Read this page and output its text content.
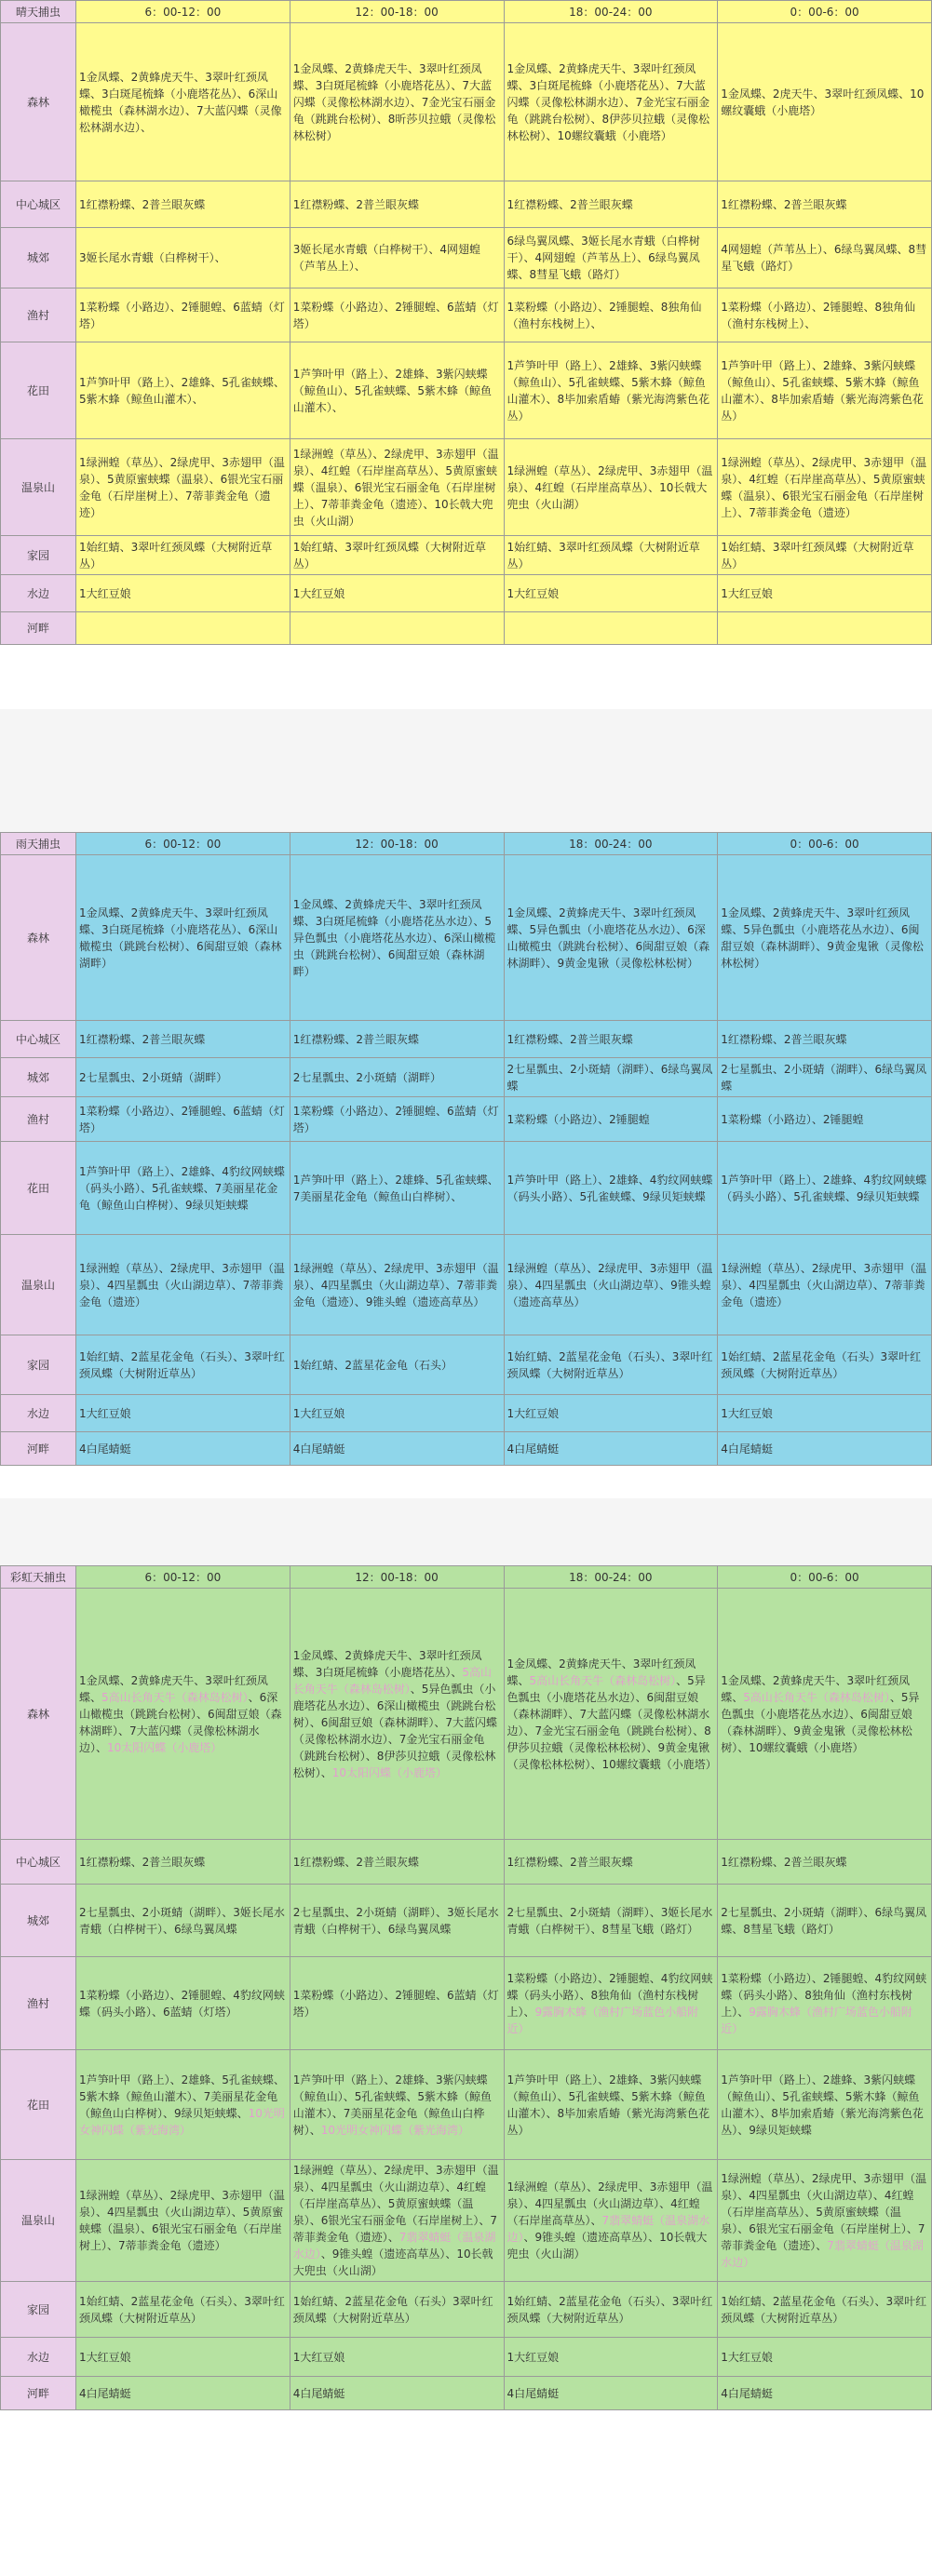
晴天捕虫	6：00-12：00	12：00-18：00	18：00-24：00	0：00-6：00
森林	1金凤蝶、2黄蜂虎天牛、3翠叶红颈凤蝶、3白斑尾梳蜂（小鹿塔花丛）、6深山橄榄虫（森林湖水边）、7大蓝闪蝶（灵像松林湖水边）、	1金凤蝶、2黄蜂虎天牛、3翠叶红颈凤蝶、3白斑尾梳蜂（小鹿塔花丛）、7大蓝闪蝶（灵像松林湖水边）、7金光宝石丽金龟（跳跳台松树）、8昕莎贝拉蛾（灵像松林松树）	1金凤蝶、2黄蜂虎天牛、3翠叶红颈凤蝶、3白斑尾梳蜂（小鹿塔花丛）、7大蓝闪蝶（灵像松林湖水边）、7金光宝石丽金龟（跳跳台松树）、8伊莎贝拉蛾（灵像松林松树）、10螺纹囊蛾（小鹿塔）	1金凤蝶、2虎天牛、3翠叶红颈凤蝶、10螺纹囊蛾（小鹿塔）
中心城区	1红襟粉蝶、2普兰眼灰蝶	1红襟粉蝶、2普兰眼灰蝶	1红襟粉蝶、2普兰眼灰蝶	1红襟粉蝶、2普兰眼灰蝶
城郊	3姬长尾水青蛾（白桦树干）、	3姬长尾水青蛾（白桦树干）、4网翅蝗（芦苇丛上）、	6绿鸟翼凤蝶、3姬长尾水青蛾（白桦树干）、4网翅蝗（芦苇丛上）、6绿鸟翼凤蝶、8彗星飞蛾（路灯）	4网翅蝗（芦苇丛上）、6绿鸟翼凤蝶、8彗星飞蛾（路灯）
渔村	1菜粉蝶（小路边）、2锤腿蝗、6蓝蜻（灯塔）	1菜粉蝶（小路边）、2锤腿蝗、6蓝蜻（灯塔）	1菜粉蝶（小路边）、2锤腿蝗、8独角仙（渔村东栈树上）、	1菜粉蝶（小路边）、2锤腿蝗、8独角仙（渔村东栈树上）、
花田	1芦笋叶甲（路上）、2雄蜂、5孔雀蛱蝶、5紫木蜂（鲸鱼山灌木）、	1芦笋叶甲（路上）、2雄蜂、3紫闪蛱蝶（鲸鱼山）、5孔雀蛱蝶、5紫木蜂（鲸鱼山灌木）、	1芦笋叶甲（路上）、2雄蜂、3紫闪蛱蝶（鲸鱼山）、5孔雀蛱蝶、5紫木蜂（鲸鱼山灌木）、8毕加索盾蝽（紫光海湾紫色花丛）	1芦笋叶甲（路上）、2雄蜂、3紫闪蛱蝶（鲸鱼山）、5孔雀蛱蝶、5紫木蜂（鲸鱼山灌木）、8毕加索盾蝽（紫光海湾紫色花丛）
温泉山	1绿洲蝗（草丛）、2绿虎甲、3赤翅甲（温泉）、5黄原蜜蛱蝶（温泉）、6银光宝石丽金龟（石岸崖树上）、7蒂菲粪金龟（遗迹）	1绿洲蝗（草丛）、2绿虎甲、3赤翅甲（温泉）、4红蝗（石岸崖高草丛）、5黄原蜜蛱蝶（温泉）、6银光宝石丽金龟（石岸崖树上）、7蒂菲粪金龟（遗迹）、10长戟大兜虫（火山湖）	1绿洲蝗（草丛）、2绿虎甲、3赤翅甲（温泉）、4红蝗（石岸崖高草丛）、10长戟大兜虫（火山湖）	1绿洲蝗（草丛）、2绿虎甲、3赤翅甲（温泉）、4红蝗（石岸崖高草丛）、5黄原蜜蛱蝶（温泉）、6银光宝石丽金龟（石岸崖树上）、7蒂菲粪金龟（遗迹）
家园	1始红蜻、3翠叶红颈凤蝶（大树附近草丛）	1始红蜻、3翠叶红颈凤蝶（大树附近草丛）	1始红蜻、3翠叶红颈凤蝶（大树附近草丛）	1始红蜻、3翠叶红颈凤蝶（大树附近草丛）
水边	1大红豆娘	1大红豆娘	1大红豆娘	1大红豆娘
河畔				
雨天捕虫	6：00-12：00	12：00-18：00	18：00-24：00	0：00-6：00
森林	1金凤蝶、2黄蜂虎天牛、3翠叶红颈凤蝶、3白斑尾梳蜂（小鹿塔花丛）、6深山橄榄虫（跳跳台松树）、6闽甜豆娘（森林湖畔）	1金凤蝶、2黄蜂虎天牛、3翠叶红颈凤蝶、3白斑尾梳蜂（小鹿塔花丛水边）、5异色瓢虫（小鹿塔花丛水边）、6深山橄榄虫（跳跳台松树）、6闽甜豆娘（森林湖畔）	1金凤蝶、2黄蜂虎天牛、3翠叶红颈凤蝶、5异色瓢虫（小鹿塔花丛水边）、6深山橄榄虫（跳跳台松树）、6闽甜豆娘（森林湖畔）、9黄金鬼锹（灵像松林松树）	1金凤蝶、2黄蜂虎天牛、3翠叶红颈凤蝶、5异色瓢虫（小鹿塔花丛水边）、6闽甜豆娘（森林湖畔）、9黄金鬼锹（灵像松林松树）
中心城区	1红襟粉蝶、2普兰眼灰蝶	1红襟粉蝶、2普兰眼灰蝶	1红襟粉蝶、2普兰眼灰蝶	1红襟粉蝶、2普兰眼灰蝶
城郊	2七星瓢虫、2小斑蜻（湖畔）	2七星瓢虫、2小斑蜻（湖畔）	2七星瓢虫、2小斑蜻（湖畔）、6绿鸟翼凤蝶	2七星瓢虫、2小斑蜻（湖畔）、6绿鸟翼凤蝶
渔村	1菜粉蝶（小路边）、2锤腿蝗、6蓝蜻（灯塔）	1菜粉蝶（小路边）、2锤腿蝗、6蓝蜻（灯塔）	1菜粉蝶（小路边）、2锤腿蝗	1菜粉蝶（小路边）、2锤腿蝗
花田	1芦笋叶甲（路上）、2雄蜂、4豹纹网蛱蝶（码头小路）、5孔雀蛱蝶、7美丽星花金龟（鲸鱼山白桦树）、9绿贝矩蛱蝶	1芦笋叶甲（路上）、2雄蜂、5孔雀蛱蝶、7美丽星花金龟（鲸鱼山白桦树）、	1芦笋叶甲（路上）、2雄蜂、4豹纹网蛱蝶（码头小路）、5孔雀蛱蝶、9绿贝矩蛱蝶	1芦笋叶甲（路上）、2雄蜂、4豹纹网蛱蝶（码头小路）、5孔雀蛱蝶、9绿贝矩蛱蝶
温泉山	1绿洲蝗（草丛）、2绿虎甲、3赤翅甲（温泉）、4四星瓢虫（火山湖边草）、7蒂菲粪金龟（遗迹）	1绿洲蝗（草丛）、2绿虎甲、3赤翅甲（温泉）、4四星瓢虫（火山湖边草）、7蒂菲粪金龟（遗迹）、9锥头蝗（遗迹高草丛）	1绿洲蝗（草丛）、2绿虎甲、3赤翅甲（温泉）、4四星瓢虫（火山湖边草）、9锥头蝗（遗迹高草丛）	1绿洲蝗（草丛）、2绿虎甲、3赤翅甲（温泉）、4四星瓢虫（火山湖边草）、7蒂菲粪金龟（遗迹）
家园	1始红蜻、2蓝星花金龟（石头）、3翠叶红颈凤蝶（大树附近草丛）	1始红蜻、2蓝星花金龟（石头）	1始红蜻、2蓝星花金龟（石头）、3翠叶红颈凤蝶（大树附近草丛）	1始红蜻、2蓝星花金龟（石头）3翠叶红颈凤蝶（大树附近草丛）
水边	1大红豆娘	1大红豆娘	1大红豆娘	1大红豆娘
河畔	4白尾蜻蜓	4白尾蜻蜓	4白尾蜻蜓	4白尾蜻蜓
彩虹天捕虫	6：00-12：00	12：00-18：00	18：00-24：00	0：00-6：00
森林	1金凤蝶、2黄蜂虎天牛、3翠叶红颈凤蝶、5高山长角天牛（森林岛松树）、6深山橄榄虫（跳跳台松树）、6闽甜豆娘（森林湖畔）、7大蓝闪蝶（灵像松林湖水边）、10太阳闪蝶（小鹿塔）	1金凤蝶、2黄蜂虎天牛、3翠叶红颈凤蝶、3白斑尾梳蜂（小鹿塔花丛）、5高山长角天牛（森林岛松树）、5异色瓢虫（小鹿塔花丛水边）、6深山橄榄虫（跳跳台松树）、6闽甜豆娘（森林湖畔）、7大蓝闪蝶（灵像松林湖水边）、7金光宝石丽金龟（跳跳台松树）、8伊莎贝拉蛾（灵像松林松树）、10太阳闪蝶（小鹿塔）	1金凤蝶、2黄蜂虎天牛、3翠叶红颈凤蝶、5高山长角天牛（森林岛松树）、5异色瓢虫（小鹿塔花丛水边）、6闽甜豆娘（森林湖畔）、7大蓝闪蝶（灵像松林湖水边）、7金光宝石丽金龟（跳跳台松树）、8伊莎贝拉蛾（灵像松林松树）、9黄金鬼锹（灵像松林松树）、10螺纹囊蛾（小鹿塔）	1金凤蝶、2黄蜂虎天牛、3翠叶红颈凤蝶、5高山长角天牛（森林岛松树）、5异色瓢虫（小鹿塔花丛水边）、6闽甜豆娘（森林湖畔）、9黄金鬼锹（灵像松林松树）、10螺纹囊蛾（小鹿塔）
中心城区	1红襟粉蝶、2普兰眼灰蝶	1红襟粉蝶、2普兰眼灰蝶	1红襟粉蝶、2普兰眼灰蝶	1红襟粉蝶、2普兰眼灰蝶
城郊	2七星瓢虫、2小斑蜻（湖畔）、3姬长尾水青蛾（白桦树干）、6绿鸟翼凤蝶	2七星瓢虫、2小斑蜻（湖畔）、3姬长尾水青蛾（白桦树干）、6绿鸟翼凤蝶	2七星瓢虫、2小斑蜻（湖畔）、3姬长尾水青蛾（白桦树干）、8彗星飞蛾（路灯）	2七星瓢虫、2小斑蜻（湖畔）、6绿鸟翼凤蝶、8彗星飞蛾（路灯）
渔村	1菜粉蝶（小路边）、2锤腿蝗、4豹纹网蛱蝶（码头小路）、6蓝蜻（灯塔）	1菜粉蝶（小路边）、2锤腿蝗、6蓝蜻（灯塔）	1菜粉蝶（小路边）、2锤腿蝗、4豹纹网蛱蝶（码头小路）、8独角仙（渔村东栈树上）、9露胸木蜂（渔村广场蓝色小船附近）	1菜粉蝶（小路边）、2锤腿蝗、4豹纹网蛱蝶（码头小路）、8独角仙（渔村东栈树上）、9露胸木蜂（渔村广场蓝色小船附近）
花田	1芦笋叶甲（路上）、2雄蜂、5孔雀蛱蝶、5紫木蜂（鲸鱼山灌木）、7美丽星花金龟（鲸鱼山白桦树）、9绿贝矩蛱蝶、10光明女神闪蝶（紫光海湾）	1芦笋叶甲（路上）、2雄蜂、3紫闪蛱蝶（鲸鱼山）、5孔雀蛱蝶、5紫木蜂（鲸鱼山灌木）、7美丽星花金龟（鲸鱼山白桦树）、10光明女神闪蝶（紫光海湾）	1芦笋叶甲（路上）、2雄蜂、3紫闪蛱蝶（鲸鱼山）、5孔雀蛱蝶、5紫木蜂（鲸鱼山灌木）、8毕加索盾蝽（紫光海湾紫色花丛）	1芦笋叶甲（路上）、2雄蜂、3紫闪蛱蝶（鲸鱼山）、5孔雀蛱蝶、5紫木蜂（鲸鱼山灌木）、8毕加索盾蝽（紫光海湾紫色花丛）、9绿贝矩蛱蝶
温泉山	1绿洲蝗（草丛）、2绿虎甲、3赤翅甲（温泉）、4四星瓢虫（火山湖边草）、5黄原蜜蛱蝶（温泉）、6银光宝石丽金龟（石岸崖树上）、7蒂菲粪金龟（遗迹）	1绿洲蝗（草丛）、2绿虎甲、3赤翅甲（温泉）、4四星瓢虫（火山湖边草）、4红蝗（石岸崖高草丛）、5黄原蜜蛱蝶（温泉）、6银光宝石丽金龟（石岸崖树上）、7蒂菲粪金龟（遗迹）、7翡翠蜻蜓（温泉湖水边）、9锥头蝗（遗迹高草丛）、10长戟大兜虫（火山湖）	1绿洲蝗（草丛）、2绿虎甲、3赤翅甲（温泉）、4四星瓢虫（火山湖边草）、4红蝗（石岸崖高草丛）、7翡翠蜻蜓（温泉湖水边）、9锥头蝗（遗迹高草丛）、10长戟大兜虫（火山湖）	1绿洲蝗（草丛）、2绿虎甲、3赤翅甲（温泉）、4四星瓢虫（火山湖边草）、4红蝗（石岸崖高草丛）、5黄原蜜蛱蝶（温泉）、6银光宝石丽金龟（石岸崖树上）、7蒂菲粪金龟（遗迹）、7翡翠蜻蜓（温泉湖水边）
家园	1始红蜻、2蓝星花金龟（石头）、3翠叶红颈凤蝶（大树附近草丛）	1始红蜻、2蓝星花金龟（石头）3翠叶红颈凤蝶（大树附近草丛）	1始红蜻、2蓝星花金龟（石头）、3翠叶红颈凤蝶（大树附近草丛）	1始红蜻、2蓝星花金龟（石头）、3翠叶红颈凤蝶（大树附近草丛）
水边	1大红豆娘	1大红豆娘	1大红豆娘	1大红豆娘
河畔	4白尾蜻蜓	4白尾蜻蜓	4白尾蜻蜓	4白尾蜻蜓
